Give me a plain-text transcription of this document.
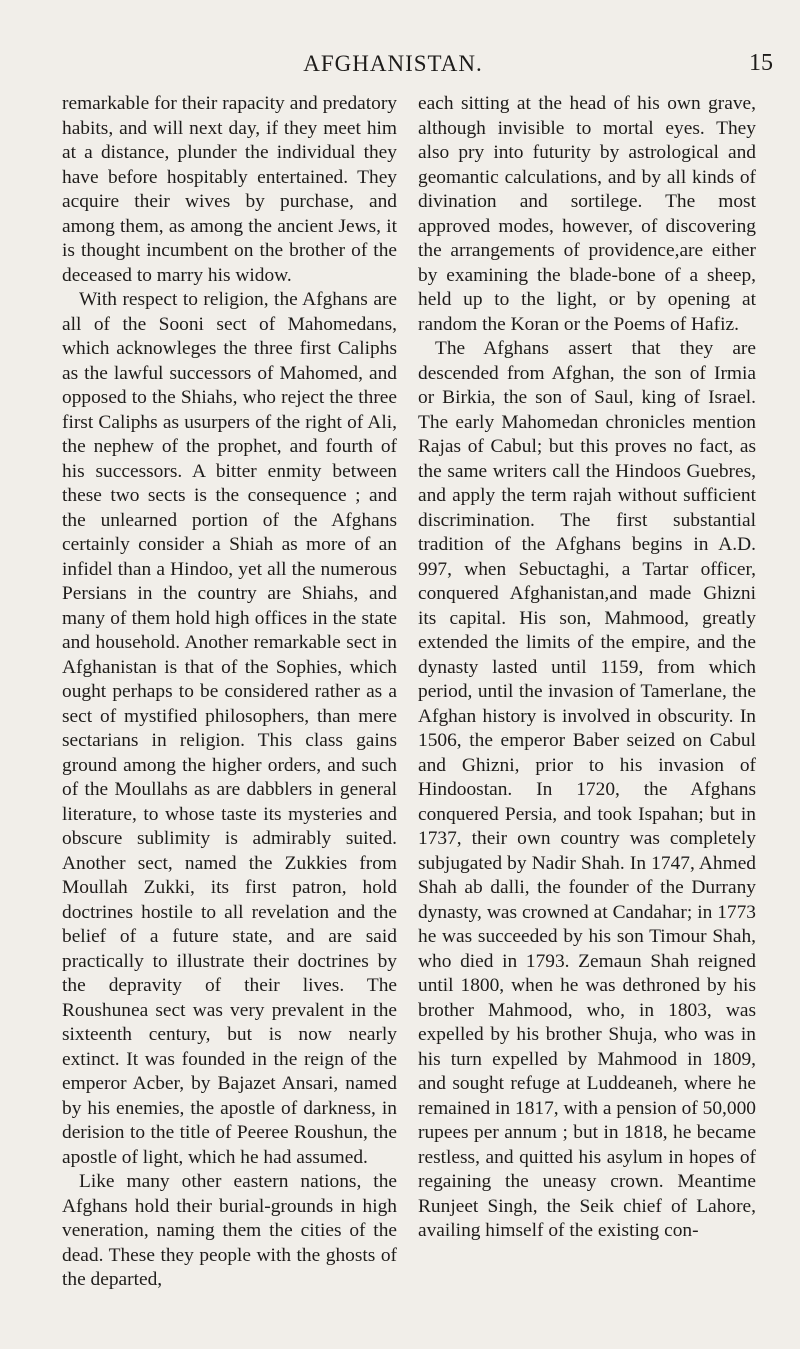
AFGHANISTAN.	15

remarkable for their rapacity and predatory habits, and will next day, if they meet him at a distance, plunder the individual they have before hospitably entertained. They acquire their wives by purchase, and among them, as among the ancient Jews, it is thought incumbent on the brother of the deceased to marry his widow.

With respect to religion, the Afghans are all of the Sooni sect of Mahomedans, which acknowleges the three first Caliphs as the lawful successors of Mahomed, and opposed to the Shiahs, who reject the three first Caliphs as usurpers of the right of Ali, the nephew of the prophet, and fourth of his successors. A bitter enmity between these two sects is the consequence ; and the unlearned portion of the Afghans certainly consider a Shiah as more of an infidel than a Hindoo, yet all the numerous Persians in the country are Shiahs, and many of them hold high offices in the state and household. Another remarkable sect in Afghanistan is that of the Sophies, which ought perhaps to be considered rather as a sect of mystified philosophers, than mere sectarians in religion. This class gains ground among the higher orders, and such of the Moullahs as are dabblers in general literature, to whose taste its mysteries and obscure sublimity is admirably suited. Another sect, named the Zukkies from Moullah Zukki, its first patron, hold doctrines hostile to all revelation and the belief of a future state, and are said practically to illustrate their doctrines by the depravity of their lives. The Roushunea sect was very prevalent in the sixteenth century, but is now nearly extinct. It was founded in the reign of the emperor Acber, by Bajazet Ansari, named by his enemies, the apostle of darkness, in derision to the title of Peeree Roushun, the apostle of light, which he had assumed.

Like many other eastern nations, the Afghans hold their burial-grounds in high veneration, naming them the cities of the dead. These they people with the ghosts of the departed,

each sitting at the head of his own grave, although invisible to mortal eyes. They also pry into futurity by astrological and geomantic calculations, and by all kinds of divination and sortilege. The most approved modes, however, of discovering the arrangements of providence,are either by examining the blade-bone of a sheep, held up to the light, or by opening at random the Koran or the Poems of Hafiz.

The Afghans assert that they are descended from Afghan, the son of Irmia or Birkia, the son of Saul, king of Israel. The early Mahomedan chronicles mention Rajas of Cabul; but this proves no fact, as the same writers call the Hindoos Guebres, and apply the term rajah without sufficient discrimination. The first substantial tradition of the Afghans begins in A.D. 997, when Sebuctaghi, a Tartar officer, conquered Afghanistan,and made Ghizni its capital. His son, Mahmood, greatly extended the limits of the empire, and the dynasty lasted until 1159, from which period, until the invasion of Tamerlane, the Afghan history is involved in obscurity. In 1506, the emperor Baber seized on Cabul and Ghizni, prior to his invasion of Hindoostan. In 1720, the Afghans conquered Persia, and took Ispahan; but in 1737, their own country was completely subjugated by Nadir Shah. In 1747, Ahmed Shah ab dalli, the founder of the Durrany dynasty, was crowned at Candahar; in 1773 he was succeeded by his son Timour Shah, who died in 1793. Zemaun Shah reigned until 1800, when he was dethroned by his brother Mahmood, who, in 1803, was expelled by his brother Shuja, who was in his turn expelled by Mahmood in 1809, and sought refuge at Luddeaneh, where he remained in 1817, with a pension of 50,000 rupees per annum ; but in 1818, he became restless, and quitted his asylum in hopes of regaining the uneasy crown. Meantime Runjeet Singh, the Seik chief of Lahore, availing himself of the existing con-
